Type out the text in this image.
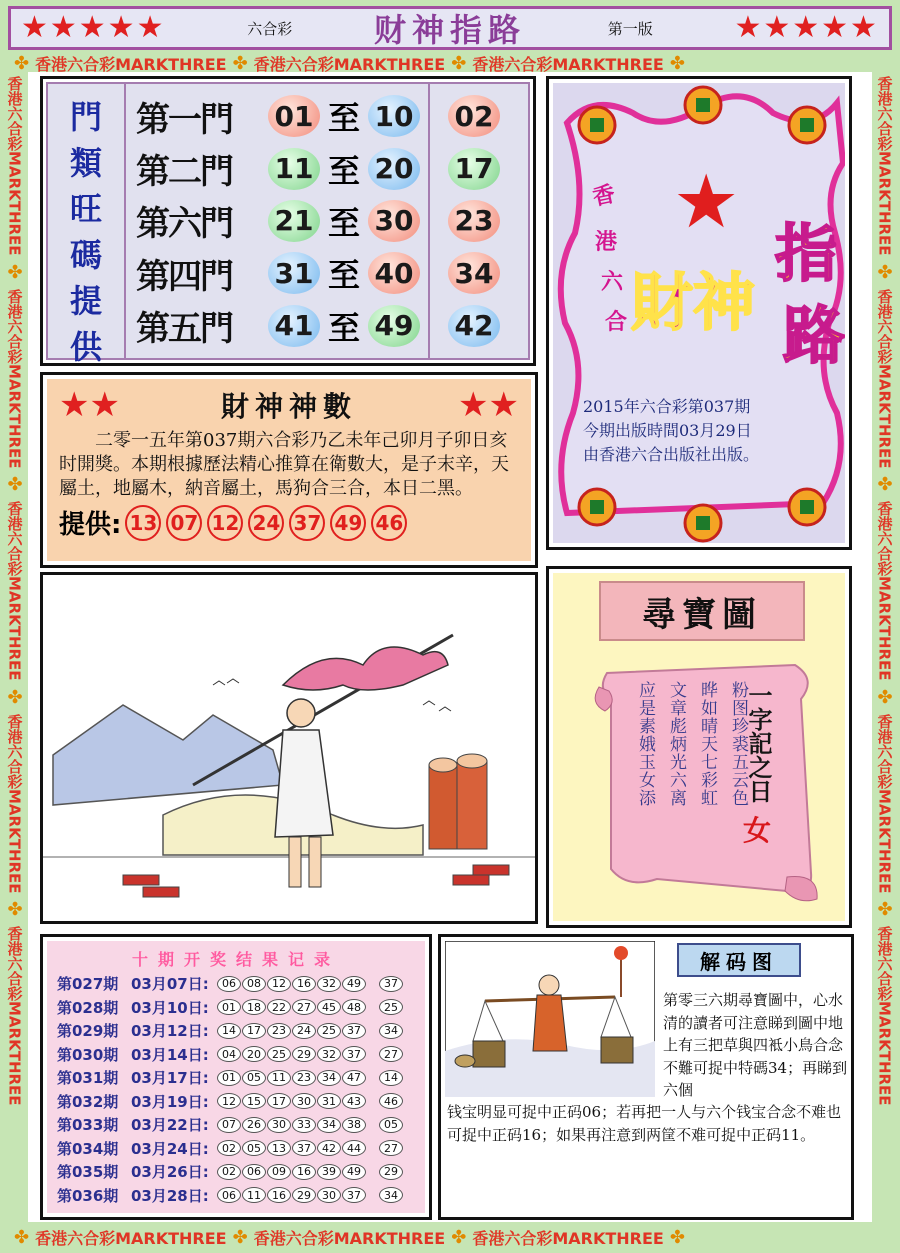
★★★★★	六合彩	财神指路	第一版	★★★★★
✤ 香港六合彩MARKTHREE ✤ 香港六合彩MARKTHREE ✤ 香港六合彩MARKTHREE ✤
✤ 香港六合彩MARKTHREE ✤ 香港六合彩MARKTHREE ✤ 香港六合彩MARKTHREE ✤
香港六合彩MARKTHREE
✤
香港六合彩MARKTHREE
✤
香港六合彩MARKTHREE
✤
香港六合彩MARKTHREE
✤
香港六合彩MARKTHREE
香港六合彩MARKTHREE
✤
香港六合彩MARKTHREE
✤
香港六合彩MARKTHREE
✤
香港六合彩MARKTHREE
✤
香港六合彩MARKTHREE
門
類
旺
碼
提
供
第一門	01 至 10 02
第二門	11 至 20 17
第六門	21 至 30 23
第四門	31 至 40 34
第五門	41 至 49 42
★
香
港
六
合 財神
指
路
2015年六合彩第037期
今期出版時間03月29日
由香港六合出版社出版。
★★	財神神數	★★

二零一五年第037期六合彩乃乙未年己卯月子卯日亥时開獎。本期根據歷法精心推算在衛數大，是子末辛，天屬土，地屬木，納音屬土，馬狗合三合，本日二黑。

提供: 13 07 12 24 37 49 46
尋寶圖
粉图珍裘五云色
晔如晴天七彩虹
文章彪炳光六离
应是素娥玉女添	一字記之日
女
十期开奖结果记录
第027期 03月07日:	06	08	12	16	32	49	37
第028期 03月10日:	01	18	22	27	45	48	25
第029期 03月12日:	14	17	23	24	25	37	34
第030期 03月14日:	04	20	25	29	32	37	27
第031期 03月17日:	01	05	11	23	34	47	14
第032期 03月19日:	12	15	17	30	31	43	46
第033期 03月22日:	07	26	30	33	34	38	05
第034期 03月24日:	02	05	13	37	42	44	27
第035期 03月26日:	02	06	09	16	39	49	29
第036期 03月28日:	06	11	16	29	30	37	34
解码图
第零三六期尋寶圖中，心水清的讀者可注意睇到圖中地上有三把草與四袛小鳥合念不難可捉中特碼34；再睇到六個
钱宝明显可捉中正码06；若再把一人与六个钱宝合念不难也可捉中正码16；如果再注意到两筐不难可捉中正码11。
